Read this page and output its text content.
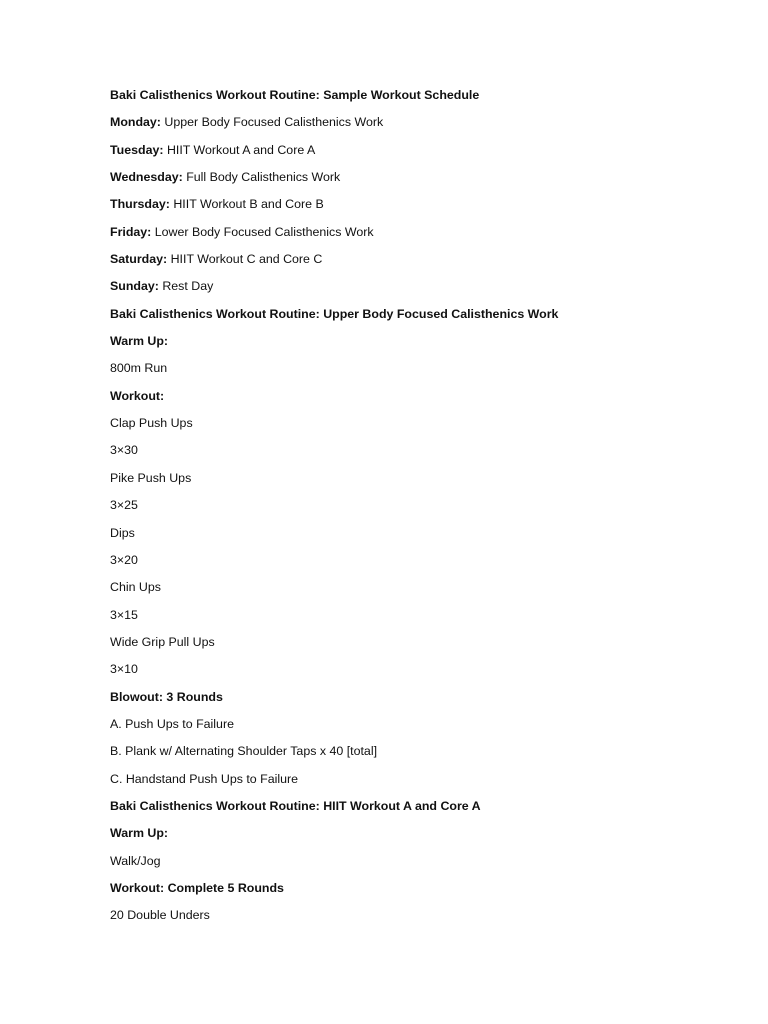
Baki Calisthenics Workout Routine: Sample Workout Schedule
Monday: Upper Body Focused Calisthenics Work
Tuesday: HIIT Workout A and Core A
Wednesday: Full Body Calisthenics Work
Thursday: HIIT Workout B and Core B
Friday: Lower Body Focused Calisthenics Work
Saturday: HIIT Workout C and Core C
Sunday: Rest Day
Baki Calisthenics Workout Routine: Upper Body Focused Calisthenics Work
Warm Up:
800m Run
Workout:
Clap Push Ups
3×30
Pike Push Ups
3×25
Dips
3×20
Chin Ups
3×15
Wide Grip Pull Ups
3×10
Blowout: 3 Rounds
A. Push Ups to Failure
B. Plank w/ Alternating Shoulder Taps x 40 [total]
C. Handstand Push Ups to Failure
Baki Calisthenics Workout Routine: HIIT Workout A and Core A
Warm Up:
Walk/Jog
Workout: Complete 5 Rounds
20 Double Unders
